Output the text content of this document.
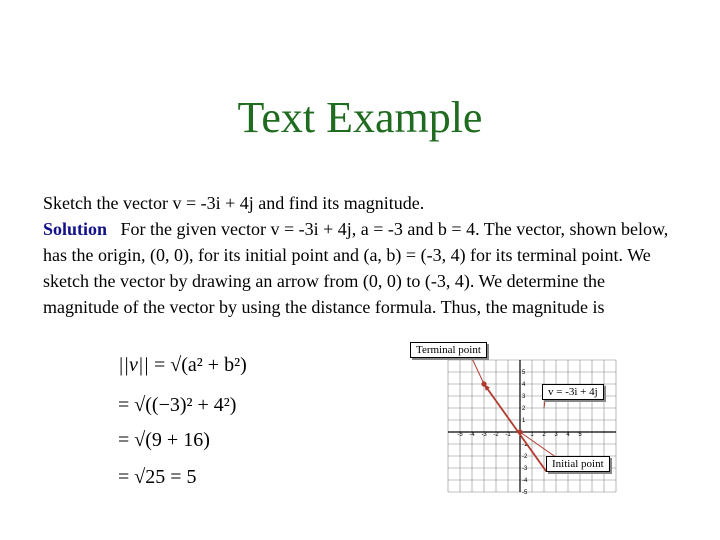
Text Example

Sketch the vector v = -3i + 4j and find its magnitude.

Solution For the given vector v = -3i + 4j, a = -3 and b = 4. The vector, shown below, has the origin, (0, 0), for its initial point and (a, b) = (-3, 4) for its terminal point. We sketch the vector by drawing an arrow from (0, 0) to (-3, 4). We determine the magnitude of the vector by using the distance formula. Thus, the magnitude is

||v|| = √(a² + b²)
= √((−3)² + 4²)
= √(9 + 16)
= √25 = 5
-5 -4 -3 -2 -1	1 2 3 4 5
5
4
3
2
1
-1
-2
-3
-4
-5
Terminal point
v = -3i + 4j
Initial point
